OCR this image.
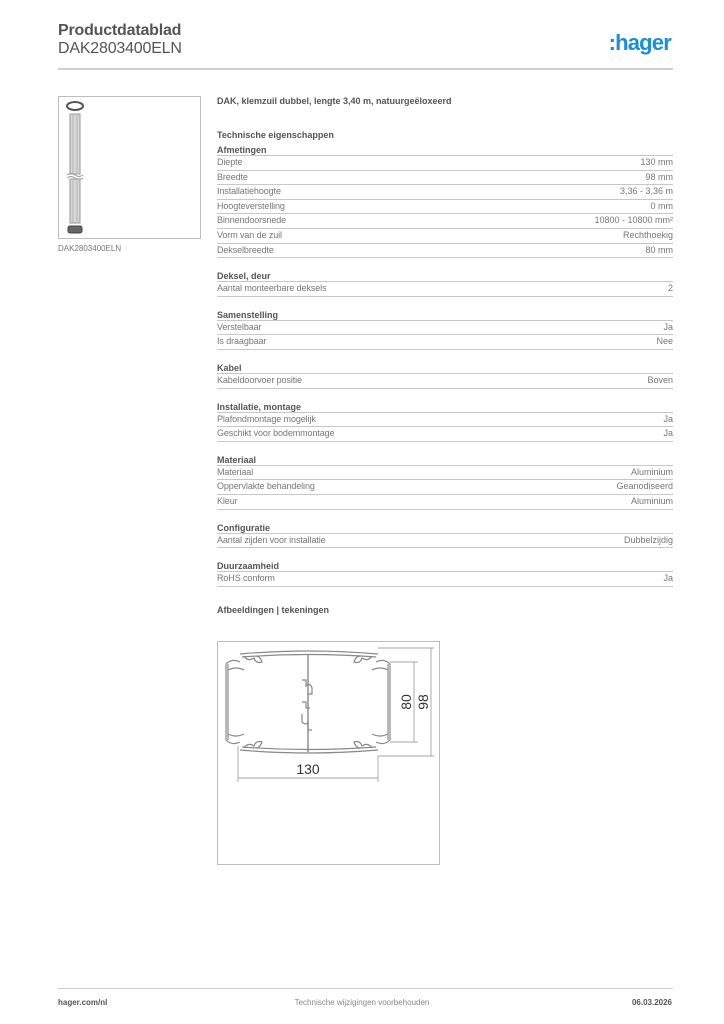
Productdatablad
DAK2803400ELN	:hager
DAK2803400ELN
DAK, klemzuil dubbel, lengte 3,40 m, natuurgeëloxeerd
Technische eigenschappen
Afmetingen
Diepte	130 mm
Breedte	98 mm
Installatiehoogte	3,36 - 3,36 m
Hoogteverstelling	0 mm
Binnendoorsnede	10800 - 10800 mm²
Vorm van de zuil	Rechthoekig
Dekselbreedte	80 mm
Deksel, deur
Aantal monteerbare deksels	2
Samenstelling
Verstelbaar	Ja
Is draagbaar	Nee
Kabel
Kabeldoorvoer positie	Boven
Installatie, montage
Plafondmontage mogelijk	Ja
Geschikt voor bodemmontage	Ja
Materiaal
Materiaal	Aluminium
Oppervlakte behandeling	Geanodiseerd
Kleur	Aluminium
Configuratie
Aantal zijden voor installatie	Dubbelzijdig
Duurzaamheid
RoHS conform	Ja
Afbeeldingen | tekeningen
130
80 98
hager.com/nl	Technische wijzigingen voorbehouden	06.03.2026
